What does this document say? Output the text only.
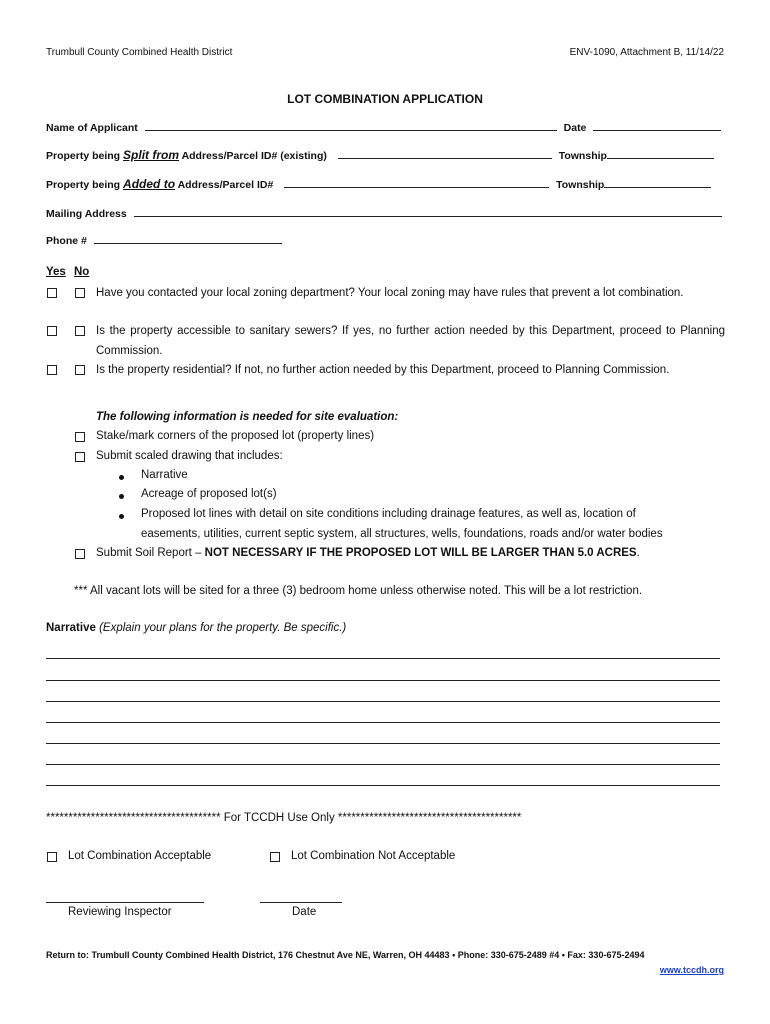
Trumbull County Combined Health District	ENV-1090, Attachment B, 11/14/22
LOT COMBINATION APPLICATION
Name of Applicant	Date
Property being Split from Address/Parcel ID# (existing)	Township
Property being Added to Address/Parcel ID#	Township
Mailing Address
Phone #
Yes No
Have you contacted your local zoning department? Your local zoning may have rules that prevent a lot combination.
Is the property accessible to sanitary sewers? If yes, no further action needed by this Department, proceed to Planning Commission.
Is the property residential? If not, no further action needed by this Department, proceed to Planning Commission.
The following information is needed for site evaluation:
Stake/mark corners of the proposed lot (property lines)
Submit scaled drawing that includes:
Narrative
Acreage of proposed lot(s)
Proposed lot lines with detail on site conditions including drainage features, as well as, location of
easements, utilities, current septic system, all structures, wells, foundations, roads and/or water bodies
Submit Soil Report – NOT NECESSARY IF THE PROPOSED LOT WILL BE LARGER THAN 5.0 ACRES.
*** All vacant lots will be sited for a three (3) bedroom home unless otherwise noted. This will be a lot restriction.
Narrative (Explain your plans for the property. Be specific.)
*************************************** For TCCDH Use Only *****************************************
Lot Combination Acceptable	Lot Combination Not Acceptable
Reviewing Inspector	Date
Return to: Trumbull County Combined Health District, 176 Chestnut Ave NE, Warren, OH 44483 • Phone: 330-675-2489 #4 • Fax: 330-675-2494
www.tccdh.org
